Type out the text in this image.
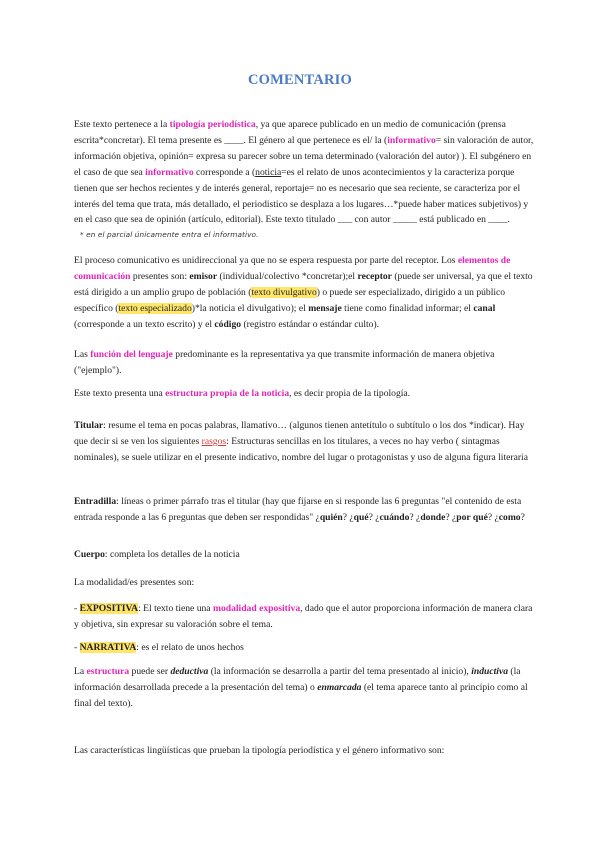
COMENTARIO

Este texto pertenece a la tipología periodística, ya que aparece publicado en un medio de comunicación (prensa escrita*concretar). El tema presente es ____. El género al que pertenece es el/ la (informativo= sin valoración de autor, información objetiva, opinión= expresa su parecer sobre un tema determinado (valoración del autor) ). El subgénero en el caso de que sea informativo corresponde a (noticia=es el relato de unos acontecimientos y la caracteriza porque tienen que ser hechos recientes y de interés general, reportaje= no es necesario que sea reciente, se caracteriza por el interés del tema que trata, más detallado, el periodistico se desplaza a los lugares…*puede haber matices subjetivos) y en el caso que sea de opinión (artículo, editorial). Este texto titulado ___ con autor _____ está publicado en ____.

* en el parcial únicamente entra el informativo.

El proceso comunicativo es unidireccional ya que no se espera respuesta por parte del receptor. Los elementos de comunicación presentes son: emisor (individual/colectivo *concretar);el receptor (puede ser universal, ya que el texto está dirigido a un amplio grupo de población (texto divulgativo) o puede ser especializado, dirigido a un público específico (texto especializado)*la noticia el divulgativo); el mensaje tiene como finalidad informar; el canal (corresponde a un texto escrito) y el código (registro estándar o estándar culto).

Las función del lenguaje predominante es la representativa ya que transmite información de manera objetiva ("ejemplo").

Este texto presenta una estructura propia de la noticia, es decir propia de la tipología.

Titular: resume el tema en pocas palabras, llamativo… (algunos tienen antetítulo o subtítulo o los dos *indicar). Hay que decir si se ven los siguientes rasgos: Estructuras sencillas en los titulares, a veces no hay verbo ( sintagmas nominales), se suele utilizar en el presente indicativo, nombre del lugar o protagonistas y uso de alguna figura literaria

Entradilla: líneas o primer párrafo tras el titular (hay que fijarse en si responde las 6 preguntas "el contenido de esta entrada responde a las 6 preguntas que deben ser respondidas" ¿quién? ¿qué? ¿cuándo? ¿donde? ¿por qué? ¿como?

Cuerpo: completa los detalles de la noticia

La modalidad/es presentes son:

- EXPOSITIVA: El texto tiene una modalidad expositiva, dado que el autor proporciona información de manera clara y objetiva, sin expresar su valoración sobre el tema.

- NARRATIVA: es el relato de unos hechos

La estructura puede ser deductiva (la información se desarrolla a partir del tema presentado al inicio), inductiva (la información desarrollada precede a la presentación del tema) o enmarcada (el tema aparece tanto al principio como al final del texto).

Las características lingüísticas que prueban la tipología periodística y el género informativo son:
